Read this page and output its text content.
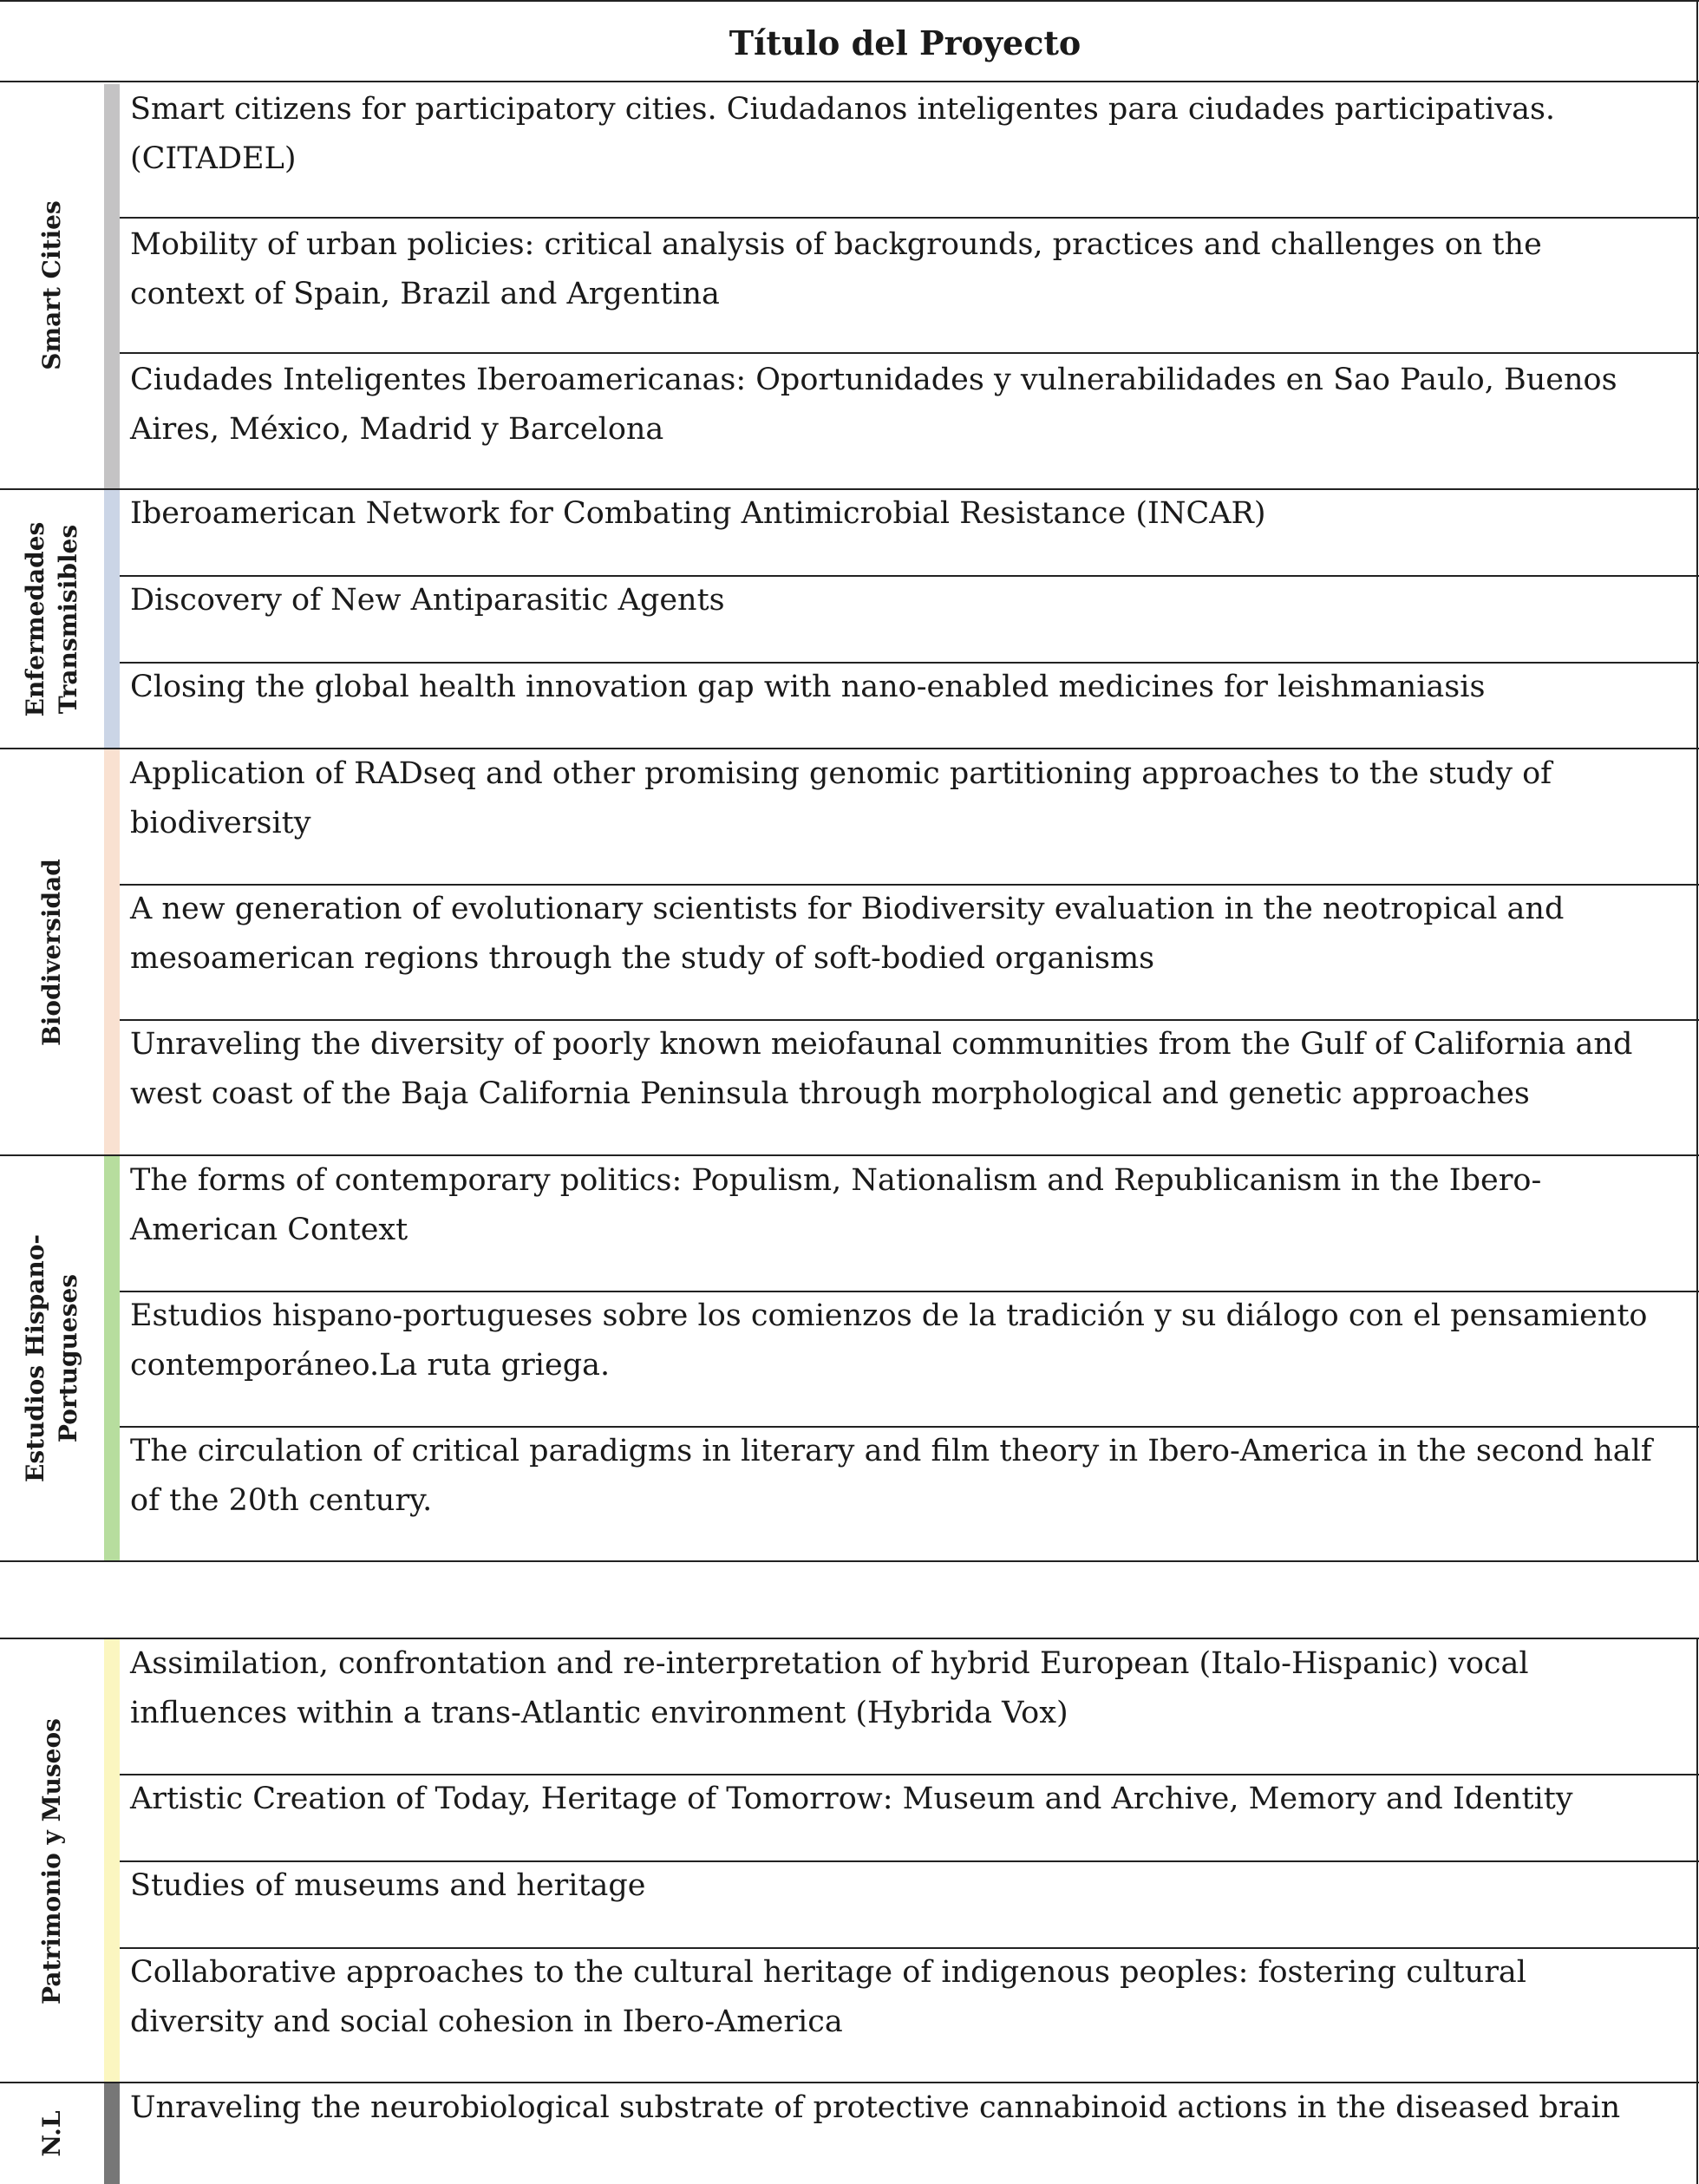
Título del Proyecto
Smart Cities
Smart citizens for participatory cities. Ciudadanos inteligentes para ciudades participativas. (CITADEL)
Mobility of urban policies: critical analysis of backgrounds, practices and challenges on the context of Spain, Brazil and Argentina
Ciudades Inteligentes Iberoamericanas: Oportunidades y vulnerabilidades en Sao Paulo, Buenos Aires, México, Madrid y Barcelona
Enfermedades Transmisibles
Iberoamerican Network for Combating Antimicrobial Resistance (INCAR)
Discovery of New Antiparasitic Agents
Closing the global health innovation gap with nano-enabled medicines for leishmaniasis
Biodiversidad
Application of RADseq and other promising genomic partitioning approaches to the study of biodiversity
A new generation of evolutionary scientists for Biodiversity evaluation in the neotropical and mesoamerican regions through the study of soft-bodied organisms
Unraveling the diversity of poorly known meiofaunal communities from the Gulf of California and west coast of the Baja California Peninsula through morphological and genetic approaches
Estudios Hispano- Portugueses
The forms of contemporary politics: Populism, Nationalism and Republicanism in the Ibero-American Context
Estudios hispano-portugueses sobre los comienzos de la tradición y su diálogo con el pensamiento contemporáneo.La ruta griega.
The circulation of critical paradigms in literary and film theory in Ibero-America in the second half of the 20th century.
Patrimonio y Museos
Assimilation, confrontation and re-interpretation of hybrid European (Italo-Hispanic) vocal influences within a trans-Atlantic environment (Hybrida Vox)
Artistic Creation of Today, Heritage of Tomorrow: Museum and Archive, Memory and Identity
Studies of museums and heritage
Collaborative approaches to the cultural heritage of indigenous peoples: fostering cultural diversity and social cohesion in Ibero-America
N.L
Unraveling the neurobiological substrate of protective cannabinoid actions in the diseased brain
